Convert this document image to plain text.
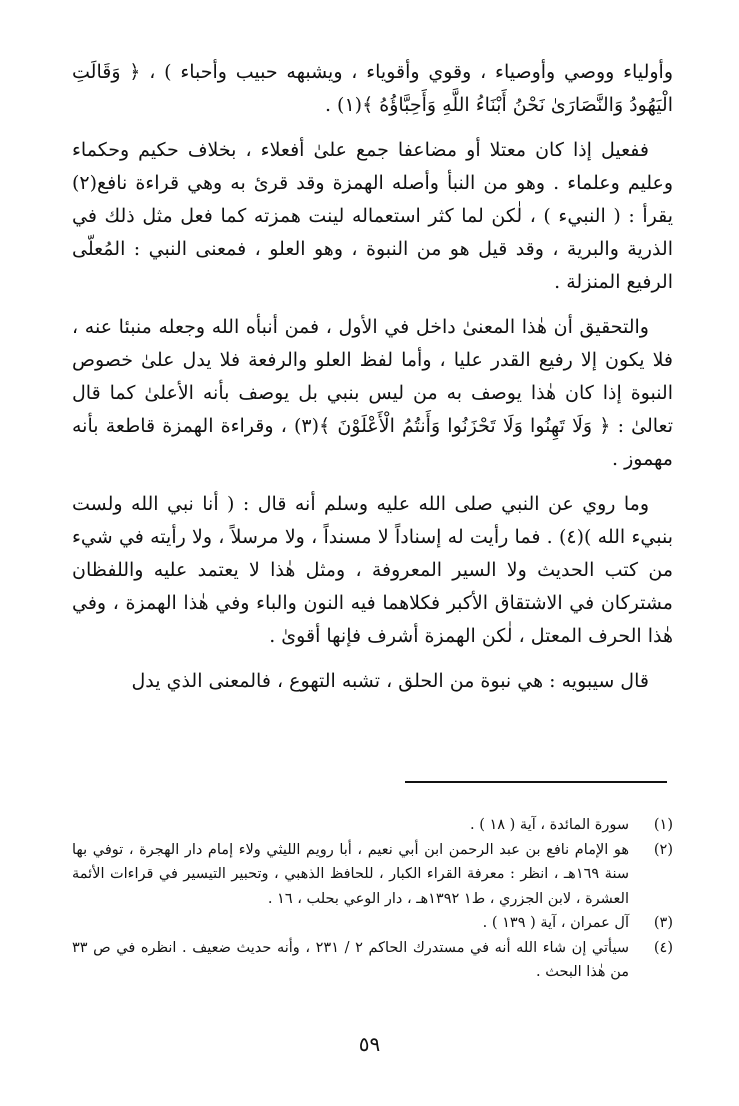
وأولياء ووصي وأوصياء ، وقوي وأقوياء ، ويشبهه حبيب وأحباء ) ، ﴿ وَقَالَتِ الْيَهُودُ وَالنَّصَارَىٰ نَحْنُ أَبْنَاءُ اللَّهِ وَأَحِبَّاؤُهُ ﴾(١) .

ففعيل إذا كان معتلا أو مضاعفا جمع علىٰ أفعلاء ، بخلاف حكيم وحكماء وعليم وعلماء . وهو من النبأ وأصله الهمزة وقد قرئ به وهي قراءة نافع(٢) يقرأ : ( النبيء ) ، لٰكن لما كثر استعماله لينت همزته كما فعل مثل ذلك في الذرية والبرية ، وقد قيل هو من النبوة ، وهو العلو ، فمعنى النبي : المُعلّى الرفيع المنزلة .

والتحقيق أن هٰذا المعنىٰ داخل في الأول ، فمن أنبأه الله وجعله منبئا عنه ، فلا يكون إلا رفيع القدر عليا ، وأما لفظ العلو والرفعة فلا يدل علىٰ خصوص النبوة إذا كان هٰذا يوصف به من ليس بنبي بل يوصف بأنه الأعلىٰ كما قال تعالىٰ : ﴿ وَلَا تَهِنُوا وَلَا تَحْزَنُوا وَأَنتُمُ الْأَعْلَوْنَ ﴾(٣) ، وقراءة الهمزة قاطعة بأنه مهموز .

وما روي عن النبي صلى الله عليه وسلم أنه قال : ( أنا نبي الله ولست بنبيء الله )(٤) . فما رأيت له إسناداً لا مسنداً ، ولا مرسلاً ، ولا رأيته في شيء من كتب الحديث ولا السير المعروفة ، ومثل هٰذا لا يعتمد عليه واللفظان مشتركان في الاشتقاق الأكبر فكلاهما فيه النون والباء وفي هٰذا الهمزة ، وفي هٰذا الحرف المعتل ، لٰكن الهمزة أشرف فإنها أقوىٰ .

قال سيبويه : هي نبوة من الحلق ، تشبه التهوع ، فالمعنى الذي يدل

(١)
سورة المائدة ، آية ( ١٨ ) .
(٢)
هو الإمام نافع بن عبد الرحمن ابن أبي نعيم ، أبا رويم الليثي ولاء إمام دار الهجرة ، توفي بها سنة ١٦٩هـ ، انظر : معرفة القراء الكبار ، للحافظ الذهبي ، وتحبير التيسير في قراءات الأئمة العشرة ، لابن الجزري ، ط١ ١٣٩٢هـ ، دار الوعي بحلب ، ١٦ .
(٣)
آل عمران ، آية ( ١٣٩ ) .
(٤)
سيأتي إن شاء الله أنه في مستدرك الحاكم ٢ / ٢٣١ ، وأنه حديث ضعيف . انظره في ص ٣٣ من هٰذا البحث .
٥٩
